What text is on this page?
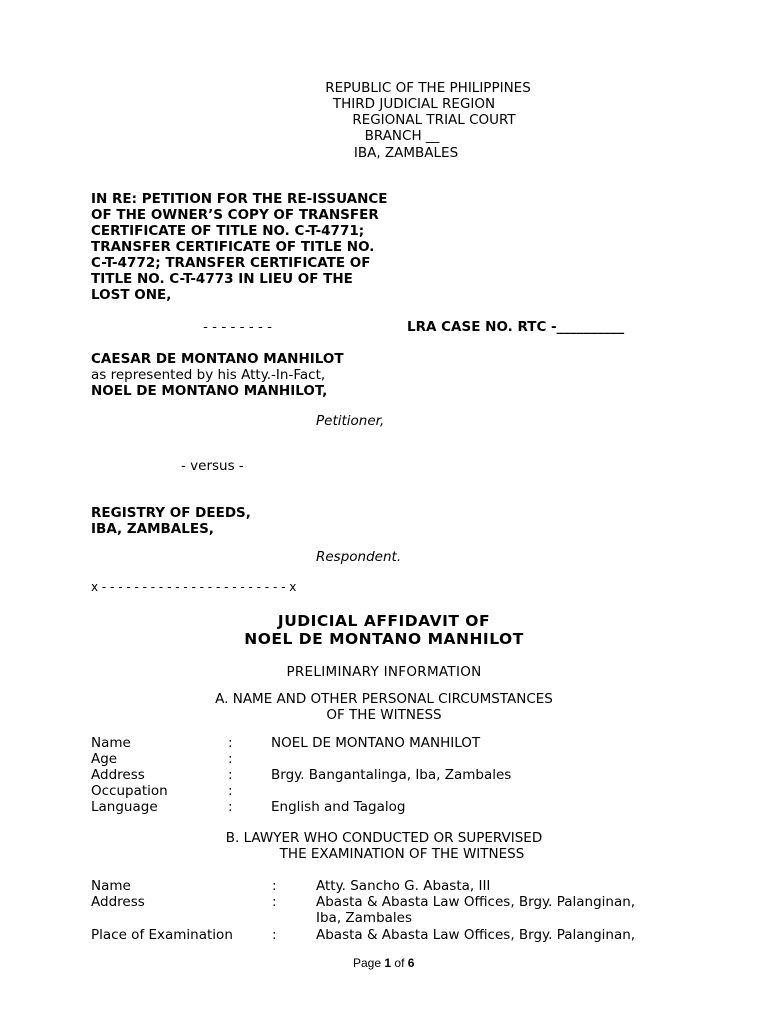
REPUBLIC OF THE PHILIPPINES
THIRD JUDICIAL REGION
REGIONAL TRIAL COURT
BRANCH __
IBA, ZAMBALES
IN RE: PETITION FOR THE RE-ISSUANCE
OF THE OWNER’S COPY OF TRANSFER
CERTIFICATE OF TITLE NO. C-T-4771;
TRANSFER CERTIFICATE OF TITLE NO.
C-T-4772; TRANSFER CERTIFICATE OF
TITLE NO. C-T-4773 IN LIEU OF THE
LOST ONE,
- - - - - - - -	LRA CASE NO. RTC -__________
CAESAR DE MONTANO MANHILOT
as represented by his Atty.-In-Fact,
NOEL DE MONTANO MANHILOT,
Petitioner,
- versus -
REGISTRY OF DEEDS,
IBA, ZAMBALES,
Respondent.
x - - - - - - - - - - - - - - - - - - - - - - - x
JUDICIAL AFFIDAVIT OF
NOEL DE MONTANO MANHILOT
PRELIMINARY INFORMATION
A. NAME AND OTHER PERSONAL CIRCUMSTANCES
OF THE WITNESS
Name	:	NOEL DE MONTANO MANHILOT
Age	:
Address	:	Brgy. Bangantalinga, Iba, Zambales
Occupation	:
Language	:	English and Tagalog
B. LAWYER WHO CONDUCTED OR SUPERVISED
THE EXAMINATION OF THE WITNESS
Name	:	Atty. Sancho G. Abasta, III
Address	:	Abasta & Abasta Law Offices, Brgy. Palanginan,
Iba, Zambales
Place of Examination	:	Abasta & Abasta Law Offices, Brgy. Palanginan,
Page 1 of 6
